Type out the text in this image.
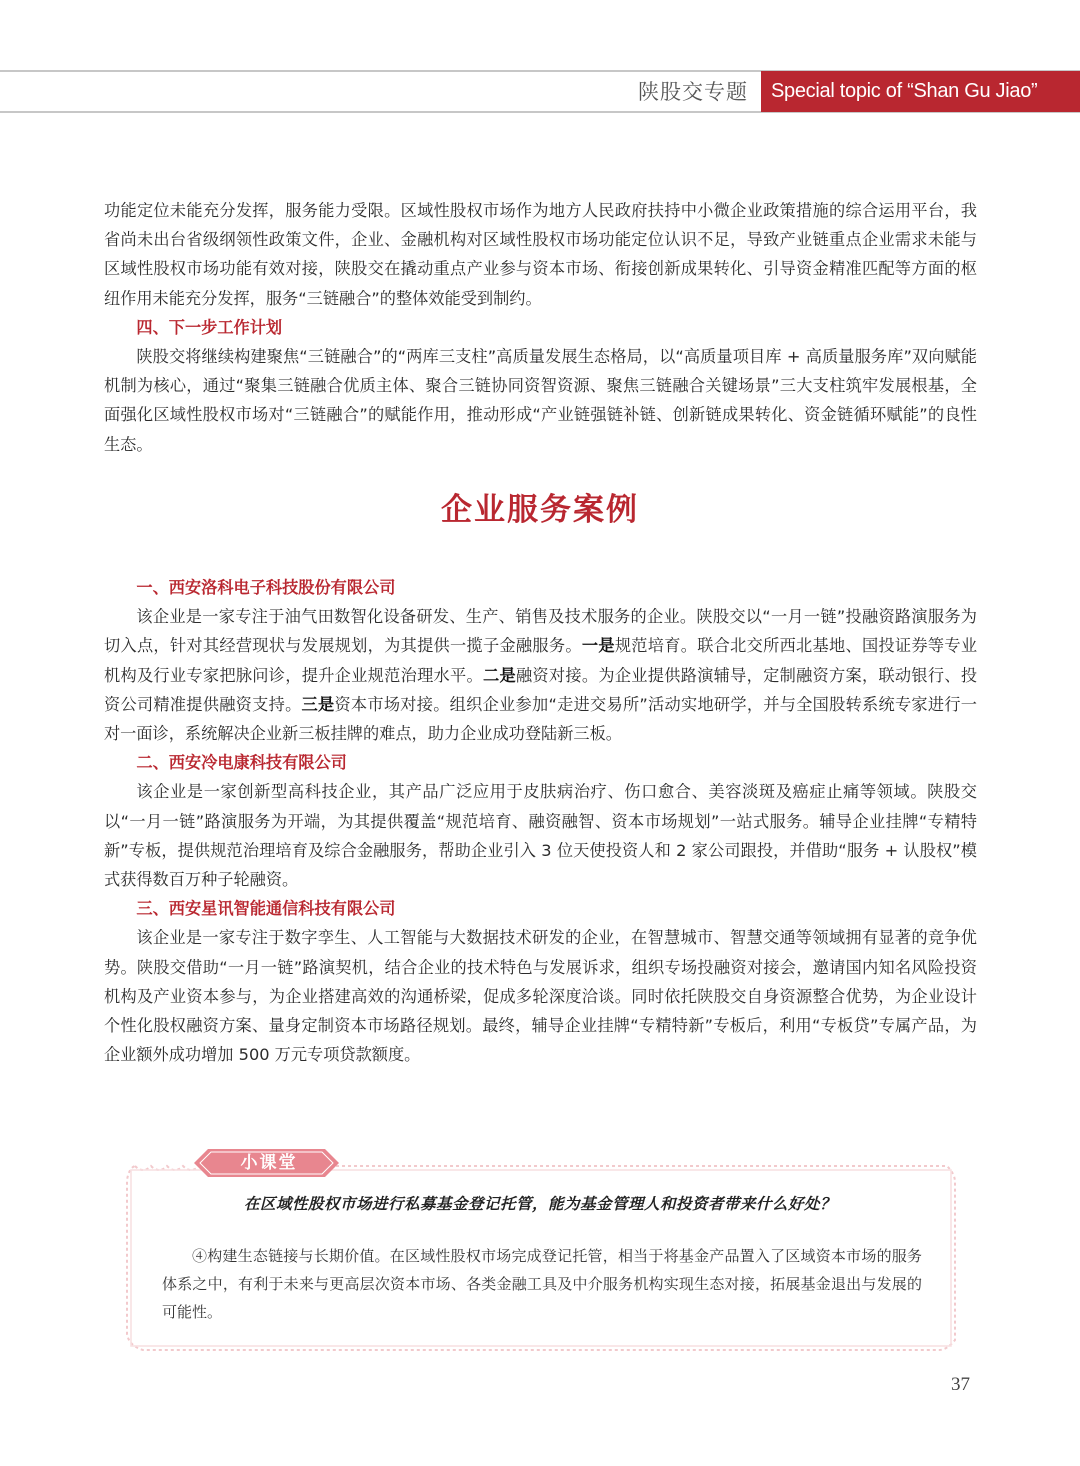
陕股交专题	Special topic of “Shan Gu Jiao”

功能定位未能充分发挥，服务能力受限。区域性股权市场作为地方人民政府扶持中小微企业政策措施的综合运用平台，我省尚未出台省级纲领性政策文件，企业、金融机构对区域性股权市场功能定位认识不足，导致产业链重点企业需求未能与区域性股权市场功能有效对接，陕股交在撬动重点产业参与资本市场、衔接创新成果转化、引导资金精准匹配等方面的枢纽作用未能充分发挥，服务“三链融合”的整体效能受到制约。

四、下一步工作计划

陕股交将继续构建聚焦“三链融合”的“两库三支柱”高质量发展生态格局，以“高质量项目库 + 高质量服务库”双向赋能机制为核心，通过“聚集三链融合优质主体、聚合三链协同资智资源、聚焦三链融合关键场景”三大支柱筑牢发展根基，全面强化区域性股权市场对“三链融合”的赋能作用，推动形成“产业链强链补链、创新链成果转化、资金链循环赋能”的良性生态。

企业服务案例

一、西安洛科电子科技股份有限公司

该企业是一家专注于油气田数智化设备研发、生产、销售及技术服务的企业。陕股交以“一月一链”投融资路演服务为切入点，针对其经营现状与发展规划，为其提供一揽子金融服务。一是规范培育。联合北交所西北基地、国投证券等专业机构及行业专家把脉问诊，提升企业规范治理水平。二是融资对接。为企业提供路演辅导，定制融资方案，联动银行、投资公司精准提供融资支持。三是资本市场对接。组织企业参加“走进交易所”活动实地研学，并与全国股转系统专家进行一对一面诊，系统解决企业新三板挂牌的难点，助力企业成功登陆新三板。

二、西安冷电康科技有限公司

该企业是一家创新型高科技企业，其产品广泛应用于皮肤病治疗、伤口愈合、美容淡斑及癌症止痛等领域。陕股交以“一月一链”路演服务为开端，为其提供覆盖“规范培育、融资融智、资本市场规划”一站式服务。辅导企业挂牌“专精特新”专板，提供规范治理培育及综合金融服务，帮助企业引入 3 位天使投资人和 2 家公司跟投，并借助“服务 + 认股权”模式获得数百万种子轮融资。

三、西安星讯智能通信科技有限公司

该企业是一家专注于数字孪生、人工智能与大数据技术研发的企业，在智慧城市、智慧交通等领域拥有显著的竞争优势。陕股交借助“一月一链”路演契机，结合企业的技术特色与发展诉求，组织专场投融资对接会，邀请国内知名风险投资机构及产业资本参与，为企业搭建高效的沟通桥梁，促成多轮深度洽谈。同时依托陕股交自身资源整合优势，为企业设计个性化股权融资方案、量身定制资本市场路径规划。最终，辅导企业挂牌“专精特新”专板后，利用“专板贷”专属产品，为企业额外成功增加 500 万元专项贷款额度。

小课堂
在区域性股权市场进行私募基金登记托管，能为基金管理人和投资者带来什么好处？

④构建生态链接与长期价值。在区域性股权市场完成登记托管，相当于将基金产品置入了区域资本市场的服务体系之中，有利于未来与更高层次资本市场、各类金融工具及中介服务机构实现生态对接，拓展基金退出与发展的可能性。

37
